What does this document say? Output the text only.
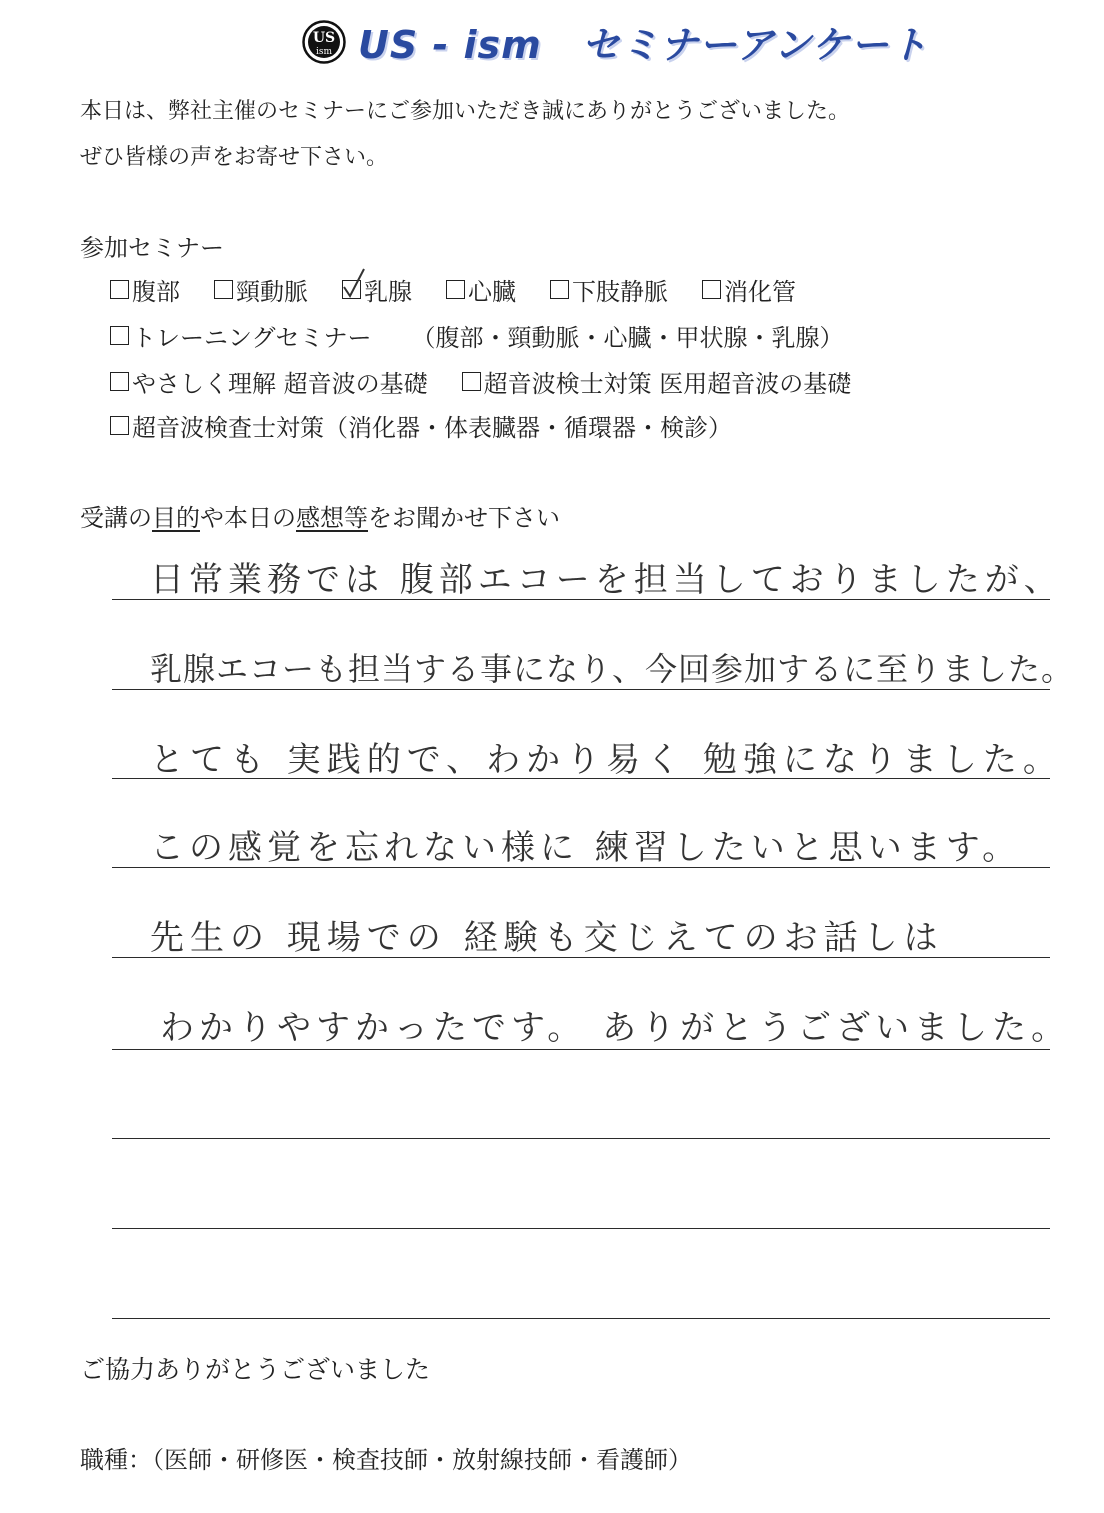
US
ism US - ism セミナーアンケート
本日は、弊社主催のセミナーにご参加いただき誠にありがとうございました。
ぜひ皆様の声をお寄せ下さい。
参加セミナー
腹部 頸動脈 乳腺 心臓 下肢静脈 消化管
トレーニングセミナー （腹部・頸動脈・心臓・甲状腺・乳腺）
やさしく理解 超音波の基礎 超音波検士対策 医用超音波の基礎
超音波検査士対策（消化器・体表臓器・循環器・検診）
受講の目的や本日の感想等をお聞かせ下さい
日常業務では 腹部エコーを担当しておりましたが、
乳腺エコーも担当する事になり、今回参加するに至りました。
とても 実践的で、わかり易く 勉強になりました。
この感覚を忘れない様に 練習したいと思います。
先生の 現場での 経験も交じえてのお話しは
わかりやすかったです。 ありがとうございました。
ご協力ありがとうございました
職種：（医師・研修医・検査技師・放射線技師・看護師）
